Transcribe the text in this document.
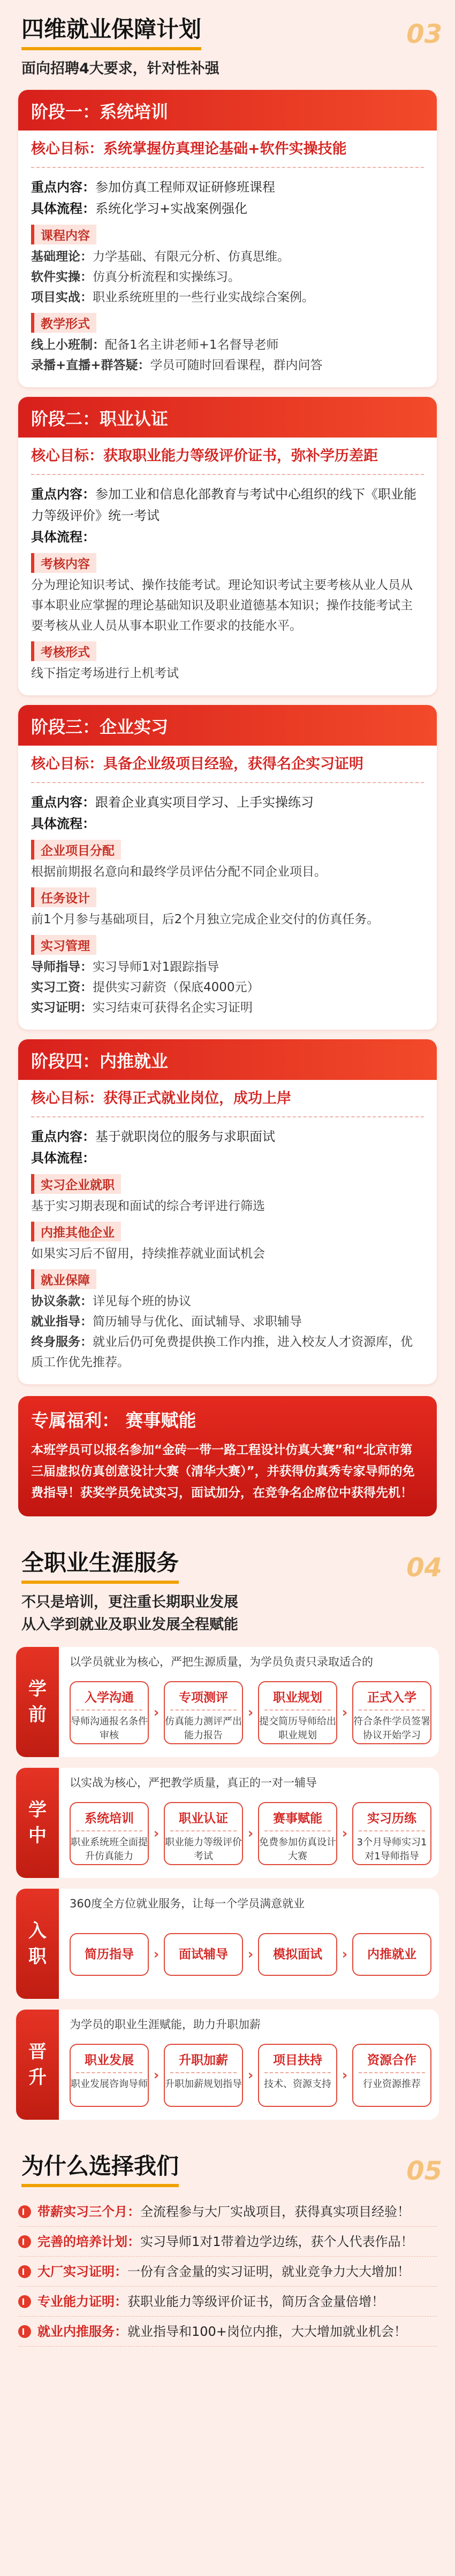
四维就业保障计划	03
面向招聘4大要求，针对性补强
阶段一：系统培训
核心目标：系统掌握仿真理论基础+软件实操技能
重点内容：参加仿真工程师双证研修班课程
具体流程：系统化学习+实战案例强化
课程内容
基础理论：力学基础、有限元分析、仿真思维。
软件实操：仿真分析流程和实操练习。
项目实战：职业系统班里的一些行业实战综合案例。
教学形式
线上小班制：配备1名主讲老师+1名督导老师
录播+直播+群答疑：学员可随时回看课程，群内问答
阶段二：职业认证
核心目标：获取职业能力等级评价证书，弥补学历差距
重点内容：参加工业和信息化部教育与考试中心组织的线下《职业能力等级评价》统一考试
具体流程：
考核内容
分为理论知识考试、操作技能考试。理论知识考试主要考核从业人员从事本职业应掌握的理论基础知识及职业道德基本知识；操作技能考试主要考核从业人员从事本职业工作要求的技能水平。
考核形式
线下指定考场进行上机考试
阶段三：企业实习
核心目标：具备企业级项目经验，获得名企实习证明
重点内容：跟着企业真实项目学习、上手实操练习
具体流程：
企业项目分配
根据前期报名意向和最终学员评估分配不同企业项目。
任务设计
前1个月参与基础项目，后2个月独立完成企业交付的仿真任务。
实习管理
导师指导：实习导师1对1跟踪指导
实习工资：提供实习薪资（保底4000元）
实习证明：实习结束可获得名企实习证明
阶段四：内推就业
核心目标：获得正式就业岗位，成功上岸
重点内容：基于就职岗位的服务与求职面试
具体流程：
实习企业就职
基于实习期表现和面试的综合考评进行筛选
内推其他企业
如果实习后不留用，持续推荐就业面试机会
就业保障
协议条款：详见每个班的协议
就业指导：简历辅导与优化、面试辅导、求职辅导
终身服务：就业后仍可免费提供换工作内推，进入校友人才资源库，优质工作优先推荐。
专属福利： 赛事赋能
本班学员可以报名参加“金砖一带一路工程设计仿真大赛”和“北京市第三届虚拟仿真创意设计大赛（清华大赛）”，并获得仿真秀专家导师的免费指导！获奖学员免试实习，面试加分，在竞争名企席位中获得先机！
全职业生涯服务	04
不只是培训，更注重长期职业发展
从入学到就业及职业发展全程赋能
学
前
以学员就业为核心，严把生源质量，为学员负责只录取适合的
入学沟通
导师沟通报名条件审核
›
专项测评
仿真能力测评严出能力报告
›
职业规划
提交简历导师给出职业规划
›
正式入学
符合条件学员签署协议开始学习
学
中
以实战为核心，严把教学质量，真正的一对一辅导
系统培训
职业系统班全面提升仿真能力
›
职业认证
职业能力等级评价考试
›
赛事赋能
免费参加仿真设计大赛
›
实习历练
3个月导师实习1对1导师指导
入
职
360度全方位就业服务，让每一个学员满意就业
简历指导	›	面试辅导	›	模拟面试	›	内推就业
晋
升
为学员的职业生涯赋能，助力升职加薪
职业发展
职业发展咨询导师
›
升职加薪
升职加薪规划指导
›
项目扶持
技术、资源支持
›
资源合作
行业资源推荐
为什么选择我们	05
带薪实习三个月： 全流程参与大厂实战项目，获得真实项目经验！
完善的培养计划： 实习导师1对1带着边学边练，获个人代表作品！
大厂实习证明： 一份有含金量的实习证明，就业竞争力大大增加！
专业能力证明： 获职业能力等级评价证书，简历含金量倍增！
就业内推服务： 就业指导和100+岗位内推，大大增加就业机会！
